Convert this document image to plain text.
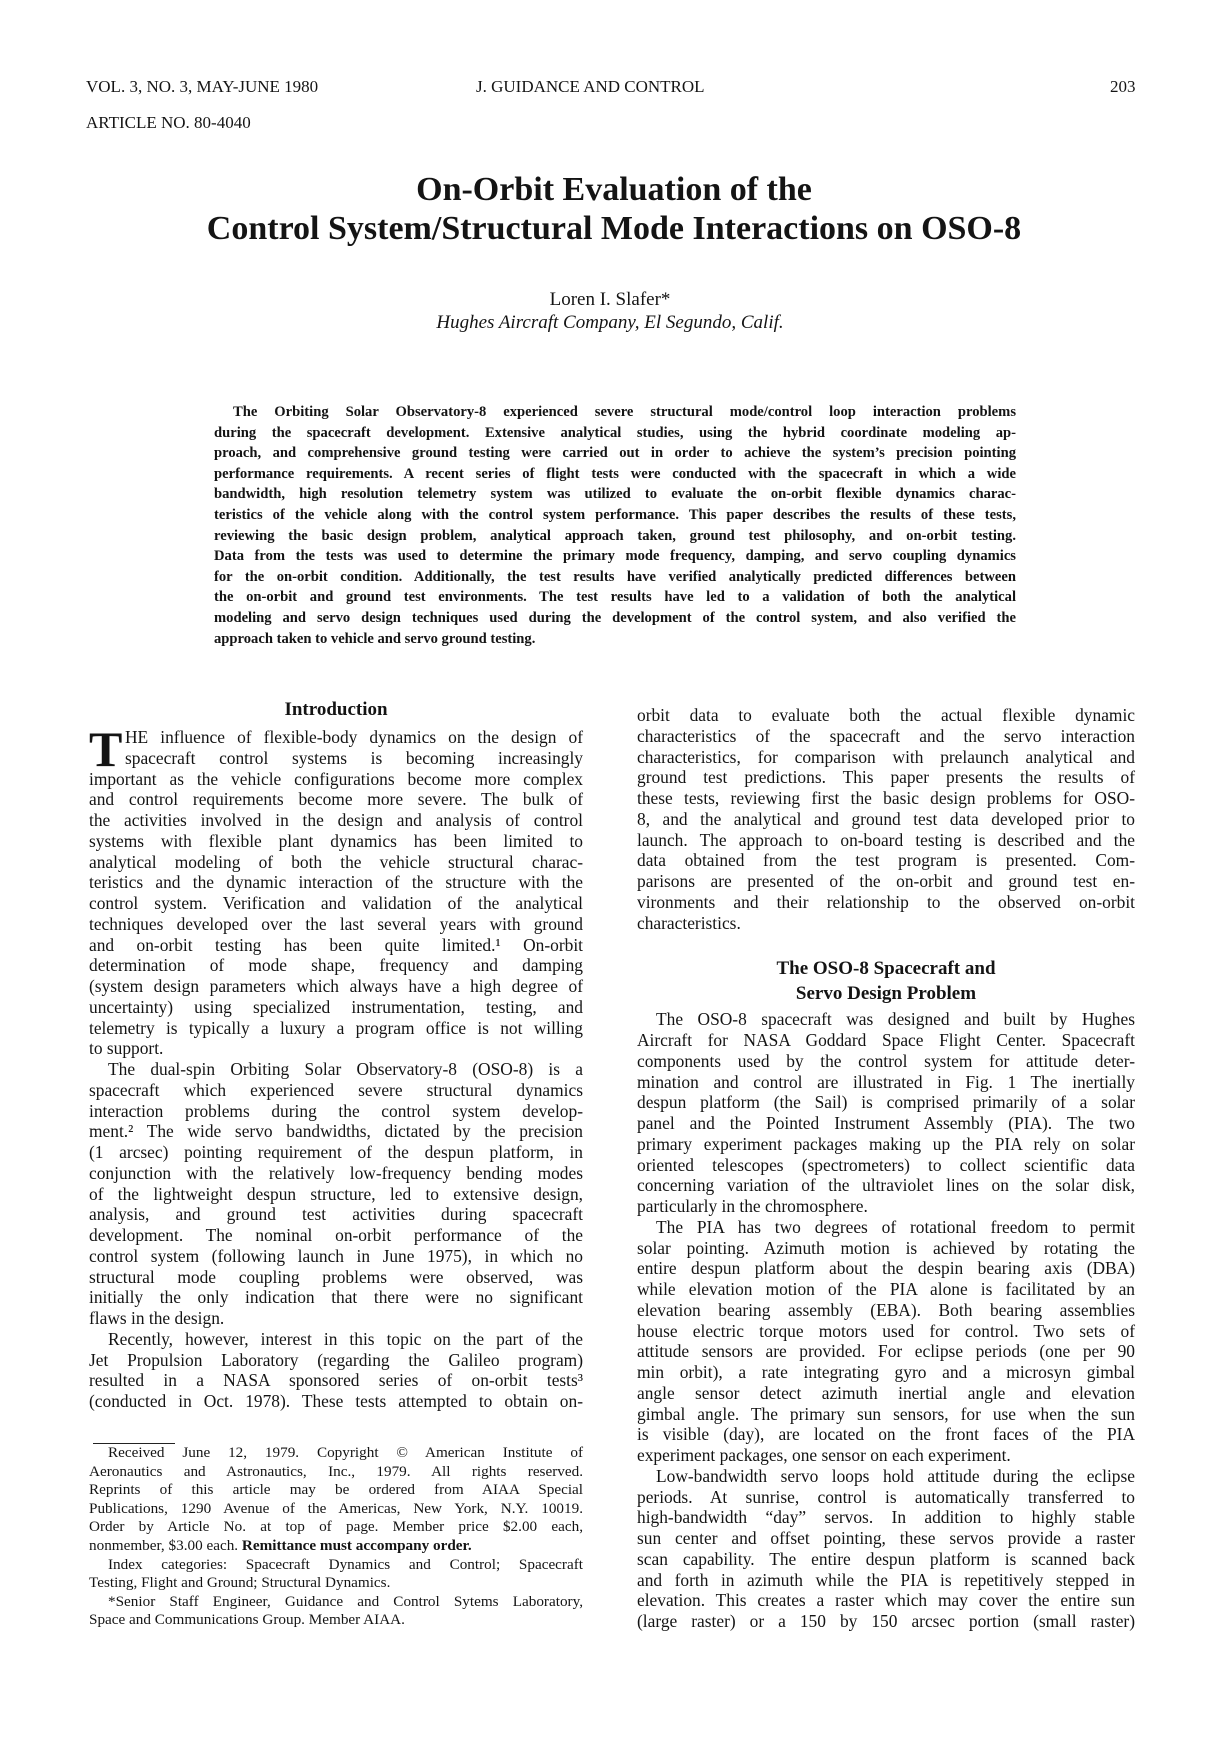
VOL. 3, NO. 3, MAY-JUNE 1980	J. GUIDANCE AND CONTROL	203
ARTICLE NO. 80-4040
On-Orbit Evaluation of the
Control System/Structural Mode Interactions on OSO-8
Loren I. Slafer*
Hughes Aircraft Company, El Segundo, Calif.
The Orbiting Solar Observatory-8 experienced severe structural mode/control loop interaction problems
during the spacecraft development. Extensive analytical studies, using the hybrid coordinate modeling ap-
proach, and comprehensive ground testing were carried out in order to achieve the system’s precision pointing
performance requirements. A recent series of flight tests were conducted with the spacecraft in which a wide
bandwidth, high resolution telemetry system was utilized to evaluate the on-orbit flexible dynamics charac-
teristics of the vehicle along with the control system performance. This paper describes the results of these tests,
reviewing the basic design problem, analytical approach taken, ground test philosophy, and on-orbit testing.
Data from the tests was used to determine the primary mode frequency, damping, and servo coupling dynamics
for the on-orbit condition. Additionally, the test results have verified analytically predicted differences between
the on-orbit and ground test environments. The test results have led to a validation of both the analytical
modeling and servo design techniques used during the development of the control system, and also verified the
approach taken to vehicle and servo ground testing.
Introduction
T HE influence of flexible-body dynamics on the design of
spacecraft control systems is becoming increasingly
important as the vehicle configurations become more complex
and control requirements become more severe. The bulk of
the activities involved in the design and analysis of control
systems with flexible plant dynamics has been limited to
analytical modeling of both the vehicle structural charac-
teristics and the dynamic interaction of the structure with the
control system. Verification and validation of the analytical
techniques developed over the last several years with ground
and on-orbit testing has been quite limited.¹ On-orbit
determination of mode shape, frequency and damping
(system design parameters which always have a high degree of
uncertainty) using specialized instrumentation, testing, and
telemetry is typically a luxury a program office is not willing
to support.
The dual-spin Orbiting Solar Observatory-8 (OSO-8) is a
spacecraft which experienced severe structural dynamics
interaction problems during the control system develop-
ment.² The wide servo bandwidths, dictated by the precision
(1 arcsec) pointing requirement of the despun platform, in
conjunction with the relatively low-frequency bending modes
of the lightweight despun structure, led to extensive design,
analysis, and ground test activities during spacecraft
development. The nominal on-orbit performance of the
control system (following launch in June 1975), in which no
structural mode coupling problems were observed, was
initially the only indication that there were no significant
flaws in the design.
Recently, however, interest in this topic on the part of the
Jet Propulsion Laboratory (regarding the Galileo program)
resulted in a NASA sponsored series of on-orbit tests³
(conducted in Oct. 1978). These tests attempted to obtain on-
orbit data to evaluate both the actual flexible dynamic
characteristics of the spacecraft and the servo interaction
characteristics, for comparison with prelaunch analytical and
ground test predictions. This paper presents the results of
these tests, reviewing first the basic design problems for OSO-
8, and the analytical and ground test data developed prior to
launch. The approach to on-board testing is described and the
data obtained from the test program is presented. Com-
parisons are presented of the on-orbit and ground test en-
vironments and their relationship to the observed on-orbit
characteristics.
The OSO-8 Spacecraft and
Servo Design Problem
The OSO-8 spacecraft was designed and built by Hughes
Aircraft for NASA Goddard Space Flight Center. Spacecraft
components used by the control system for attitude deter-
mination and control are illustrated in Fig. 1 The inertially
despun platform (the Sail) is comprised primarily of a solar
panel and the Pointed Instrument Assembly (PIA). The two
primary experiment packages making up the PIA rely on solar
oriented telescopes (spectrometers) to collect scientific data
concerning variation of the ultraviolet lines on the solar disk,
particularly in the chromosphere.
The PIA has two degrees of rotational freedom to permit
solar pointing. Azimuth motion is achieved by rotating the
entire despun platform about the despin bearing axis (DBA)
while elevation motion of the PIA alone is facilitated by an
elevation bearing assembly (EBA). Both bearing assemblies
house electric torque motors used for control. Two sets of
attitude sensors are provided. For eclipse periods (one per 90
min orbit), a rate integrating gyro and a microsyn gimbal
angle sensor detect azimuth inertial angle and elevation
gimbal angle. The primary sun sensors, for use when the sun
is visible (day), are located on the front faces of the PIA
experiment packages, one sensor on each experiment.
Low-bandwidth servo loops hold attitude during the eclipse
periods. At sunrise, control is automatically transferred to
high-bandwidth “day” servos. In addition to highly stable
sun center and offset pointing, these servos provide a raster
scan capability. The entire despun platform is scanned back
and forth in azimuth while the PIA is repetitively stepped in
elevation. This creates a raster which may cover the entire sun
(large raster) or a 150 by 150 arcsec portion (small raster)
Received June 12, 1979. Copyright © American Institute of
Aeronautics and Astronautics, Inc., 1979. All rights reserved.
Reprints of this article may be ordered from AIAA Special
Publications, 1290 Avenue of the Americas, New York, N.Y. 10019.
Order by Article No. at top of page. Member price $2.00 each,
nonmember, $3.00 each. Remittance must accompany order.
Index categories: Spacecraft Dynamics and Control; Spacecraft
Testing, Flight and Ground; Structural Dynamics.
*Senior Staff Engineer, Guidance and Control Sytems Laboratory,
Space and Communications Group. Member AIAA.
